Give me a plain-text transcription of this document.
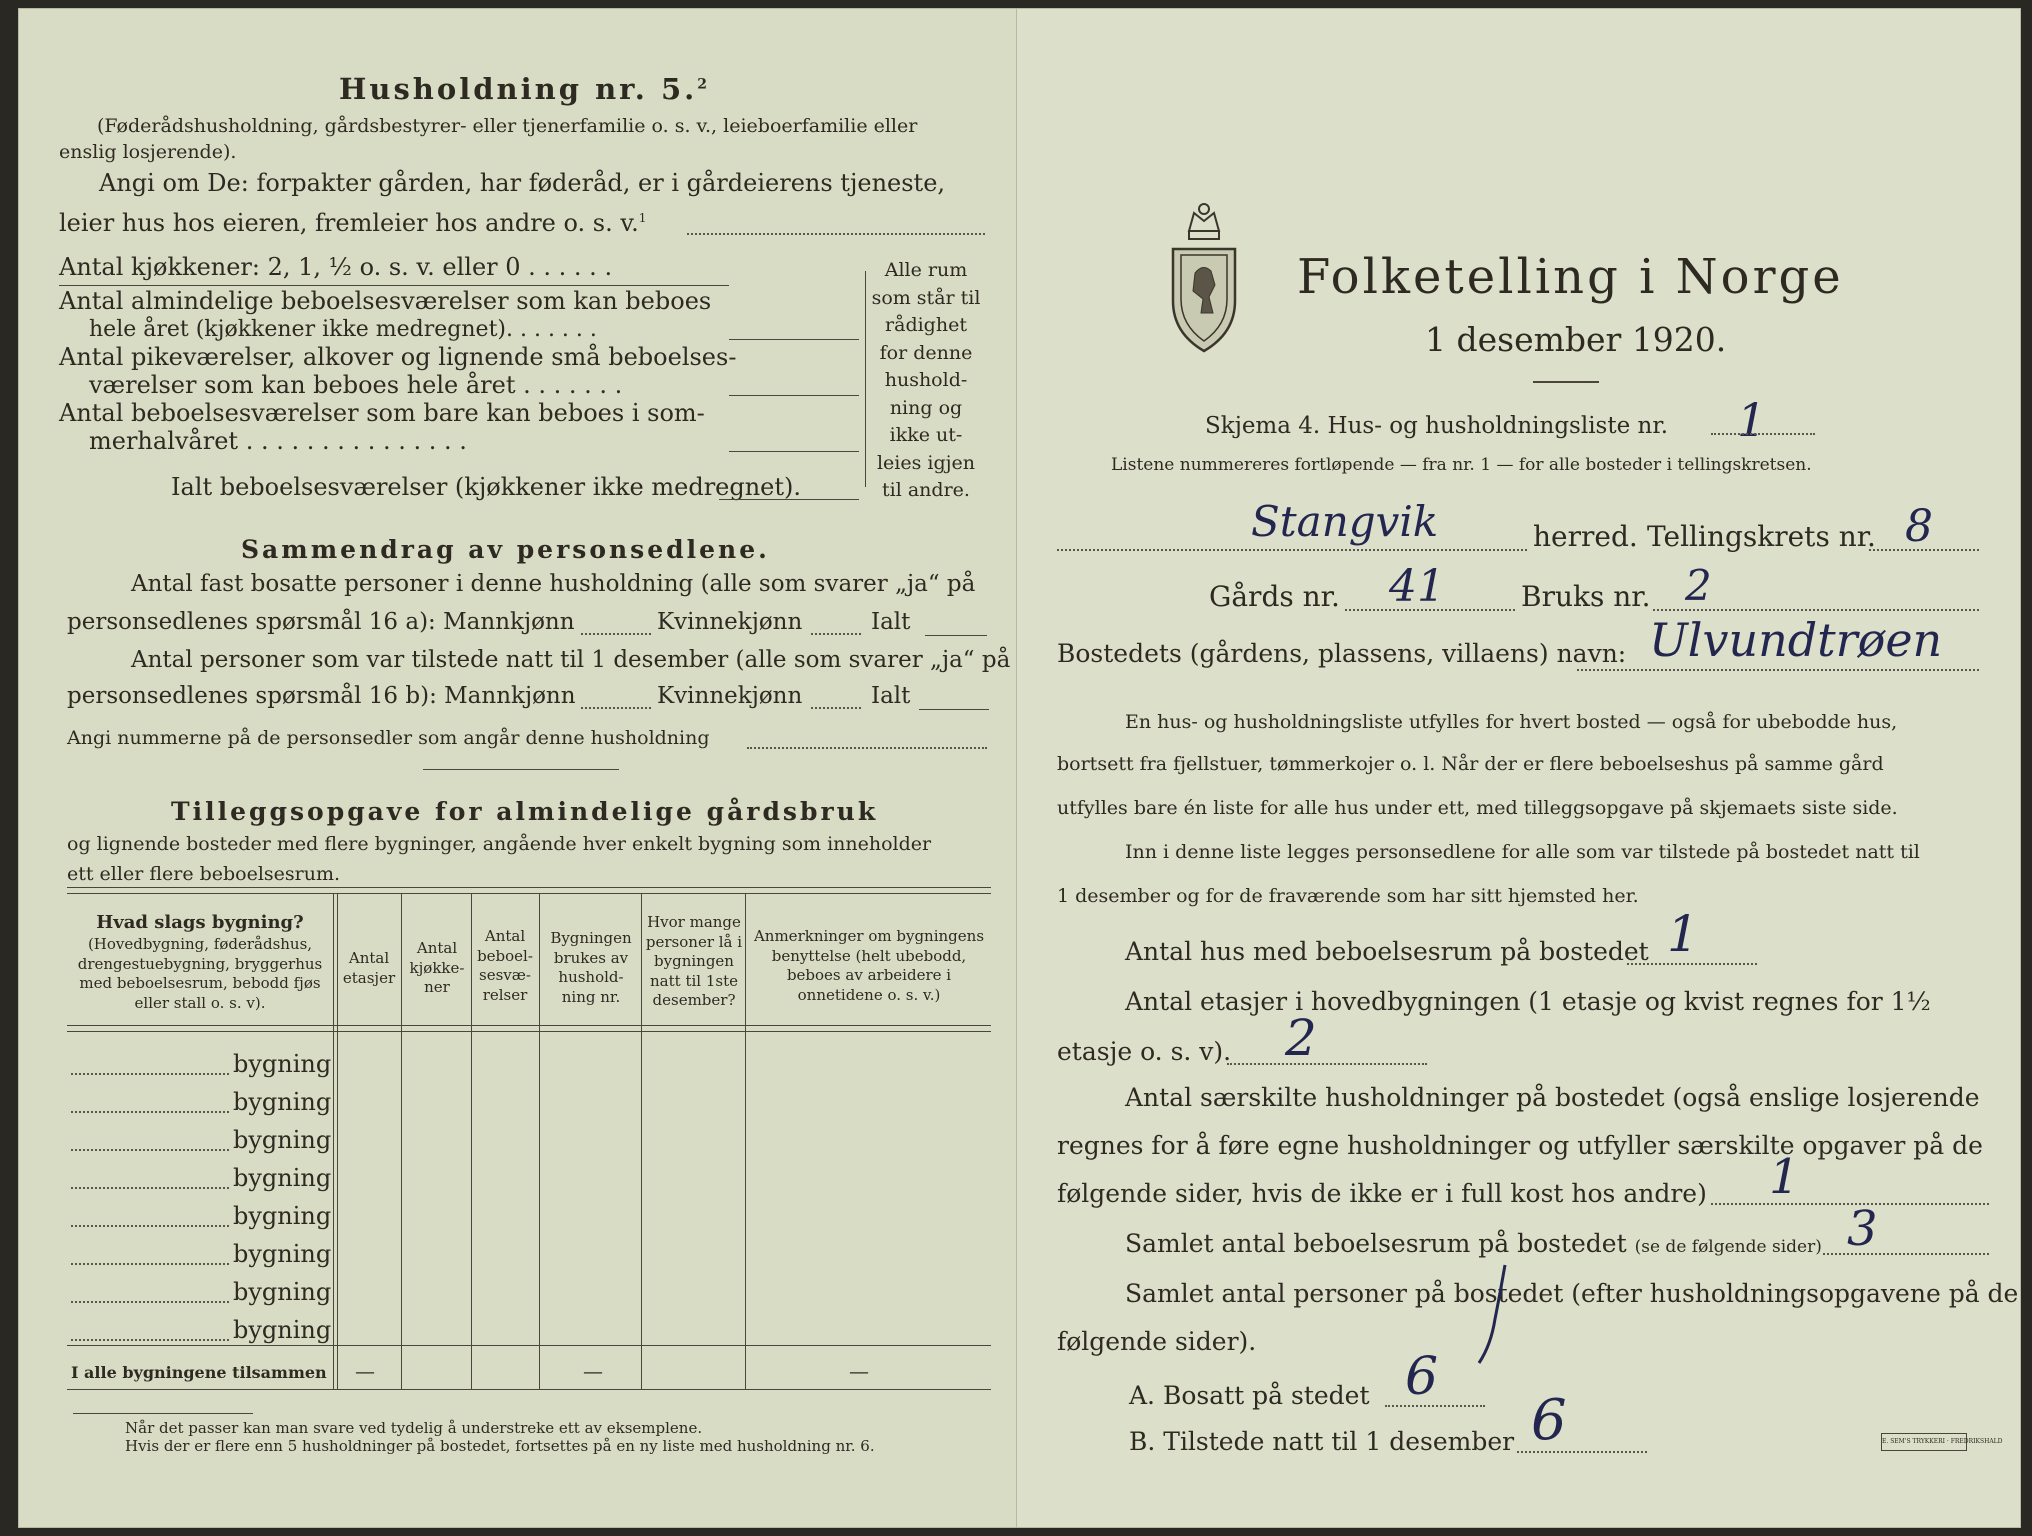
Husholdning nr. 5.$^2$
(Føderådshusholdning, gårdsbestyrer- eller tjenerfamilie o. s. v., leieboerfamilie eller
enslig losjerende).
Angi om De: forpakter gården, har føderåd, er i gårdeierens tjeneste,
leier hus hos eieren, fremleier hos andre o. s. v.$^1$
Antal kjøkkener: 2, 1, ½ o. s. v. eller 0 . . . . . .
Antal almindelige beboelsesværelser som kan beboes
hele året (kjøkkener ikke medregnet). . . . . . .
Antal pikeværelser, alkover og lignende små beboelses-
værelser som kan beboes hele året . . . . . . .
Antal beboelsesværelser som bare kan beboes i som-
merhalvåret . . . . . . . . . . . . . . .
Ialt beboelsesværelser (kjøkkener ikke medregnet).
Alle rum
som står til
rådighet
for denne
hushold-
ning og
ikke ut-
leies igjen
til andre.
Sammendrag av personsedlene.
Antal fast bosatte personer i denne husholdning (alle som svarer „ja“ på
personsedlenes spørsmål 16 a): Mannkjønn	Kvinnekjønn	Ialt
Antal personer som var tilstede natt til 1 desember (alle som svarer „ja“ på
personsedlenes spørsmål 16 b): Mannkjønn	Kvinnekjønn	Ialt
Angi nummerne på de personsedler som angår denne husholdning
Tilleggsopgave for almindelige gårdsbruk
og lignende bosteder med flere bygninger, angående hver enkelt bygning som inneholder
ett eller flere beboelsesrum.
Hvad slags bygning?
(Hovedbygning, føderådshus, drengestuebygning, bryggerhus med beboelsesrum, bebodd fjøs eller stall o. s. v).
Antal etasjer
Antal kjøkke-ner
Antal beboel-sesvæ-relser
Bygningen brukes av hushold-ning nr.
Hvor mange personer lå i bygningen natt til 1ste desember?
Anmerkninger om bygningens benyttelse (helt ubebodd, beboes av arbeidere i onnetidene o. s. v.)
bygning
bygning
bygning
bygning
bygning
bygning
bygning
bygning
I alle bygningene tilsammen —	—	—
Når det passer kan man svare ved tydelig å understreke ett av eksemplene.
Hvis der er flere enn 5 husholdninger på bostedet, fortsettes på en ny liste med husholdning nr. 6.
Folketelling i Norge
1 desember 1920.
Skjema 4. Hus- og husholdningsliste nr. 1
Listene nummereres fortløpende — fra nr. 1 — for alle bosteder i tellingskretsen.
Stangvik	herred. Tellingskrets nr. 8
Gårds nr. 41	Bruks nr. 2
Bostedets (gårdens, plassens, villaens) navn: Ulvundtrøen
En hus- og husholdningsliste utfylles for hvert bosted — også for ubebodde hus,
bortsett fra fjellstuer, tømmerkojer o. l. Når der er flere beboelseshus på samme gård
utfylles bare én liste for alle hus under ett, med tilleggsopgave på skjemaets siste side.
Inn i denne liste legges personsedlene for alle som var tilstede på bostedet natt til
1 desember og for de fraværende som har sitt hjemsted her.
Antal hus med beboelsesrum på bostedet 1
Antal etasjer i hovedbygningen (1 etasje og kvist regnes for 1½
etasje o. s. v). 2
Antal særskilte husholdninger på bostedet (også enslige losjerende
regnes for å føre egne husholdninger og utfyller særskilte opgaver på de
følgende sider, hvis de ikke er i full kost hos andre) 1
Samlet antal beboelsesrum på bostedet (se de følgende sider) 3
Samlet antal personer på bostedet (efter husholdningsopgavene på de
følgende sider).
A. Bosatt på stedet 6
B. Tilstede natt til 1 desember 6	E. SEM'S TRYKKERI · FREDRIKSHALD
